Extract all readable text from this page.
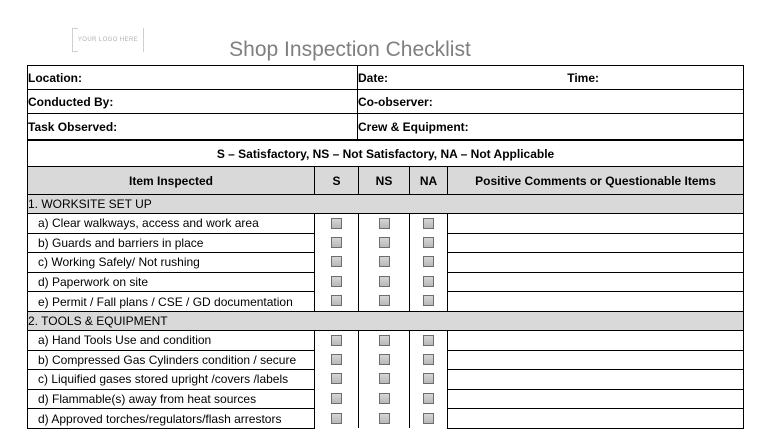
YOUR LOGO HERE	Shop Inspection Checklist
Location:	Date: Time:

Conducted By:	Co-observer:
Task Observed:	Crew & Equipment:
S – Satisfactory, NS – Not Satisfactory, NA – Not Applicable				
Item Inspected	S	NS	NA	Positive Comments or Questionable Items
1. WORKSITE SET UP				
a) Clear walkways, access and work area				
b) Guards and barriers in place				
c) Working Safely/ Not rushing				
d) Paperwork on site				
e) Permit / Fall plans / CSE / GD documentation				
2. TOOLS & EQUIPMENT				
a) Hand Tools Use and condition				
b) Compressed Gas Cylinders condition / secure				
c) Liquified gases stored upright /covers /labels				
d) Flammable(s) away from heat sources				
d) Approved torches/regulators/flash arrestors				
